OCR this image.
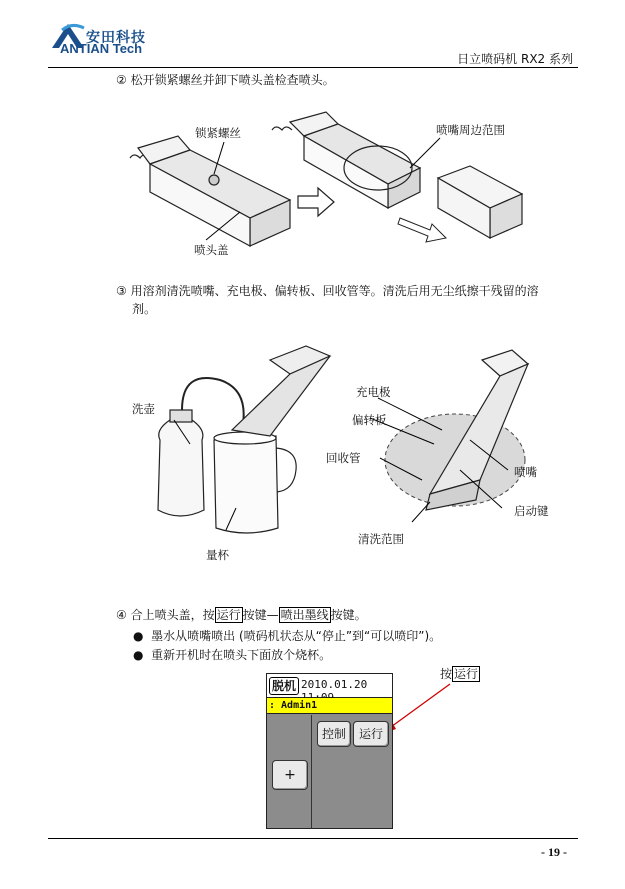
安田科技
ANTIAN Tech
日立喷码机 RX2 系列
② 松开锁紧螺丝并卸下喷头盖检查喷头。
锁紧螺丝	喷嘴周边范围
喷头盖
③ 用溶剂清洗喷嘴、充电极、偏转板、回收管等。清洗后用无尘纸擦干残留的溶
剂。
洗壶
量杯
充电极
偏转板
回收管
喷嘴
启动键
清洗范围
④ 合上喷头盖，按 运行 按键— 喷出墨线 按键。
● 墨水从喷嘴喷出 (喷码机状态从“停止”到“可以喷印”)。
● 重新开机时在喷头下面放个烧杯。
按 运行
脱机 2010.01.20
: Admin1
控制	运行
+
- 19 -
